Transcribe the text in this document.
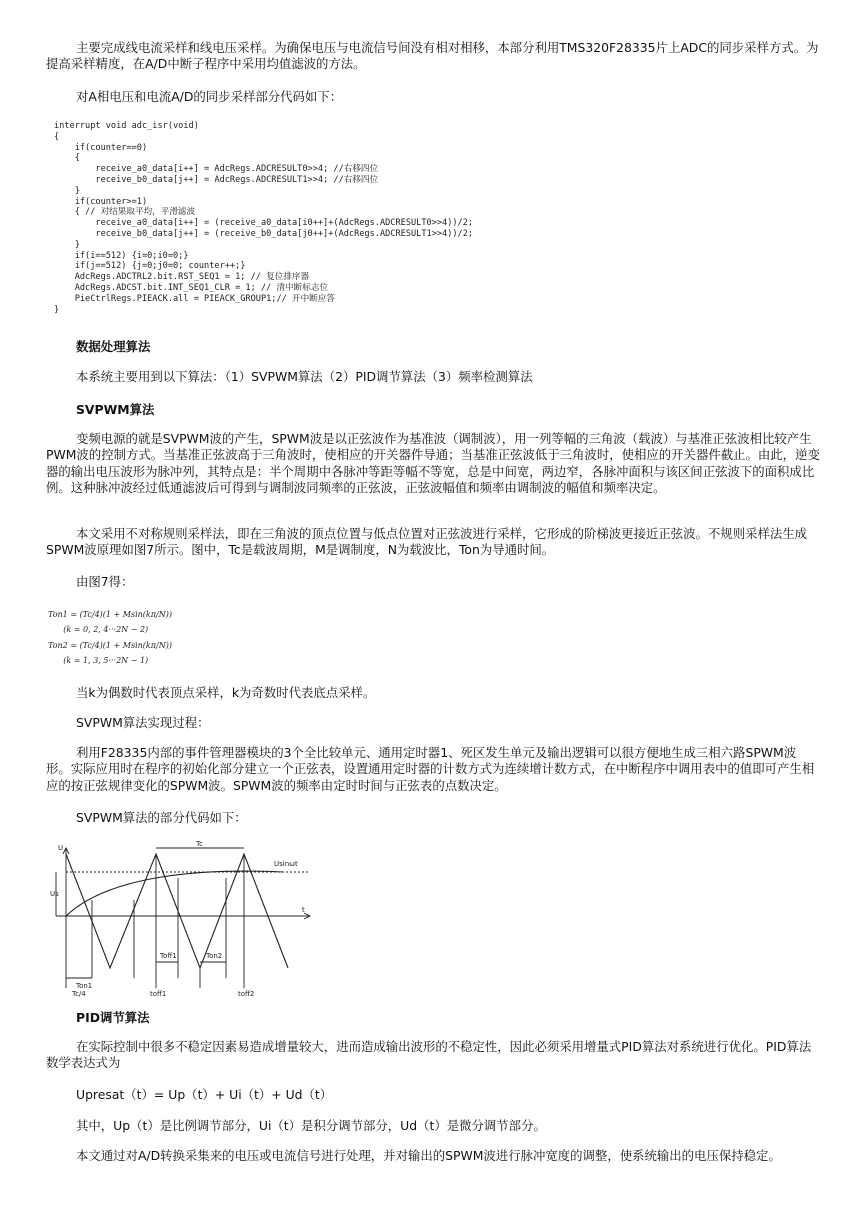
主要完成线电流采样和线电压采样。为确保电压与电流信号间没有相对相移，本部分利用TMS320F28335片上ADC的同步采样方式。为提高采样精度，在A/D中断子程序中采用均值滤波的方法。

对A相电压和电流A/D的同步采样部分代码如下：

interrupt void adc_isr(void)
{
if(counter==0)
{
receive_a0_data[i++] = AdcRegs.ADCRESULT0>>4; //右移四位
receive_b0_data[j++] = AdcRegs.ADCRESULT1>>4; //右移四位
}
if(counter>=1)
{ // 对结果取平均，平滑滤波
receive_a0_data[i++] = (receive_a0_data[i0++]+(AdcRegs.ADCRESULT0>>4))/2;
receive_b0_data[j++] = (receive_b0_data[j0++]+(AdcRegs.ADCRESULT1>>4))/2;
}
if(i==512) {i=0;i0=0;}
if(j==512) {j=0;j0=0; counter++;}
AdcRegs.ADCTRL2.bit.RST_SEQ1 = 1; // 复位排序器
AdcRegs.ADCST.bit.INT_SEQ1_CLR = 1; // 清中断标志位
PieCtrlRegs.PIEACK.all = PIEACK_GROUP1;// 开中断应答
}

数据处理算法

本系统主要用到以下算法：（1）SVPWM算法（2）PID调节算法（3）频率检测算法

SVPWM算法

变频电源的就是SVPWM波的产生，SPWM波是以正弦波作为基准波（调制波），用一列等幅的三角波（载波）与基准正弦波相比较产生PWM波的控制方式。当基准正弦波高于三角波时，使相应的开关器件导通；当基准正弦波低于三角波时，使相应的开关器件截止。由此，逆变器的输出电压波形为脉冲列，其特点是：半个周期中各脉冲等距等幅不等宽，总是中间宽，两边窄，各脉冲面积与该区间正弦波下的面积成比例。这种脉冲波经过低通滤波后可得到与调制波同频率的正弦波，正弦波幅值和频率由调制波的幅值和频率决定。

本文采用不对称规则采样法，即在三角波的顶点位置与低点位置对正弦波进行采样，它形成的阶梯波更接近正弦波。不规则采样法生成SPWM波原理如图7所示。图中，Tc是载波周期，M是调制度，N为载波比，Ton为导通时间。

由图7得：

Ton1 = (Tc/4)(1 + Msin(kπ/N))
(k = 0, 2, 4···2N − 2)
Ton2 = (Tc/4)(1 + Msin(kπ/N))
(k = 1, 3, 5···2N − 1)

当k为偶数时代表顶点采样，k为奇数时代表底点采样。

SVPWM算法实现过程：

利用F28335内部的事件管理器模块的3个全比较单元、通用定时器1、死区发生单元及输出逻辑可以很方便地生成三相六路SPWM波形。实际应用时在程序的初始化部分建立一个正弦表，设置通用定时器的计数方式为连续增计数方式，在中断程序中调用表中的值即可产生相应的按正弦规律变化的SPWM波。SPWM波的频率由定时时间与正弦表的点数决定。

SVPWM算法的部分代码如下：

U
t
Tc
Us
Usinωt
Ton1
Toff1	Ton2
Tc/4	toff1	toff2

PID调节算法

在实际控制中很多不稳定因素易造成增量较大，进而造成输出波形的不稳定性，因此必须采用增量式PID算法对系统进行优化。PID算法数学表达式为

Upresat（t）= Up（t）+ Ui（t）+ Ud（t）

其中，Up（t）是比例调节部分，Ui（t）是积分调节部分，Ud（t）是微分调节部分。

本文通过对A/D转换采集来的电压或电流信号进行处理，并对输出的SPWM波进行脉冲宽度的调整，使系统输出的电压保持稳定。
